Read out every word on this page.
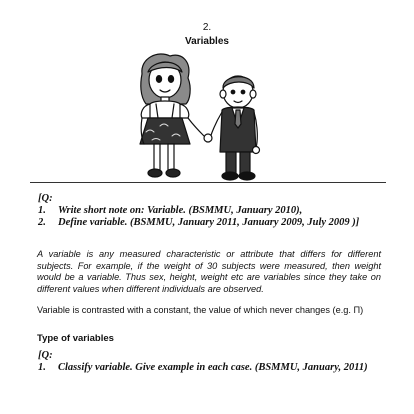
2.
Variables
[Q:
1. Write short note on: Variable. (BSMMU, January 2010),
2. Define variable. (BSMMU, January 2011, January 2009, July 2009 )]
A variable is any measured characteristic or attribute that differs for different subjects. For example, if the weight of 30 subjects were measured, then weight would be a variable. Thus sex, height, weight etc are variables since they take on different values when different individuals are observed.
Variable is contrasted with a constant, the value of which never changes (e.g. Π)
Type of variables
[Q:
1. Classify variable. Give example in each case. (BSMMU, January, 2011)
